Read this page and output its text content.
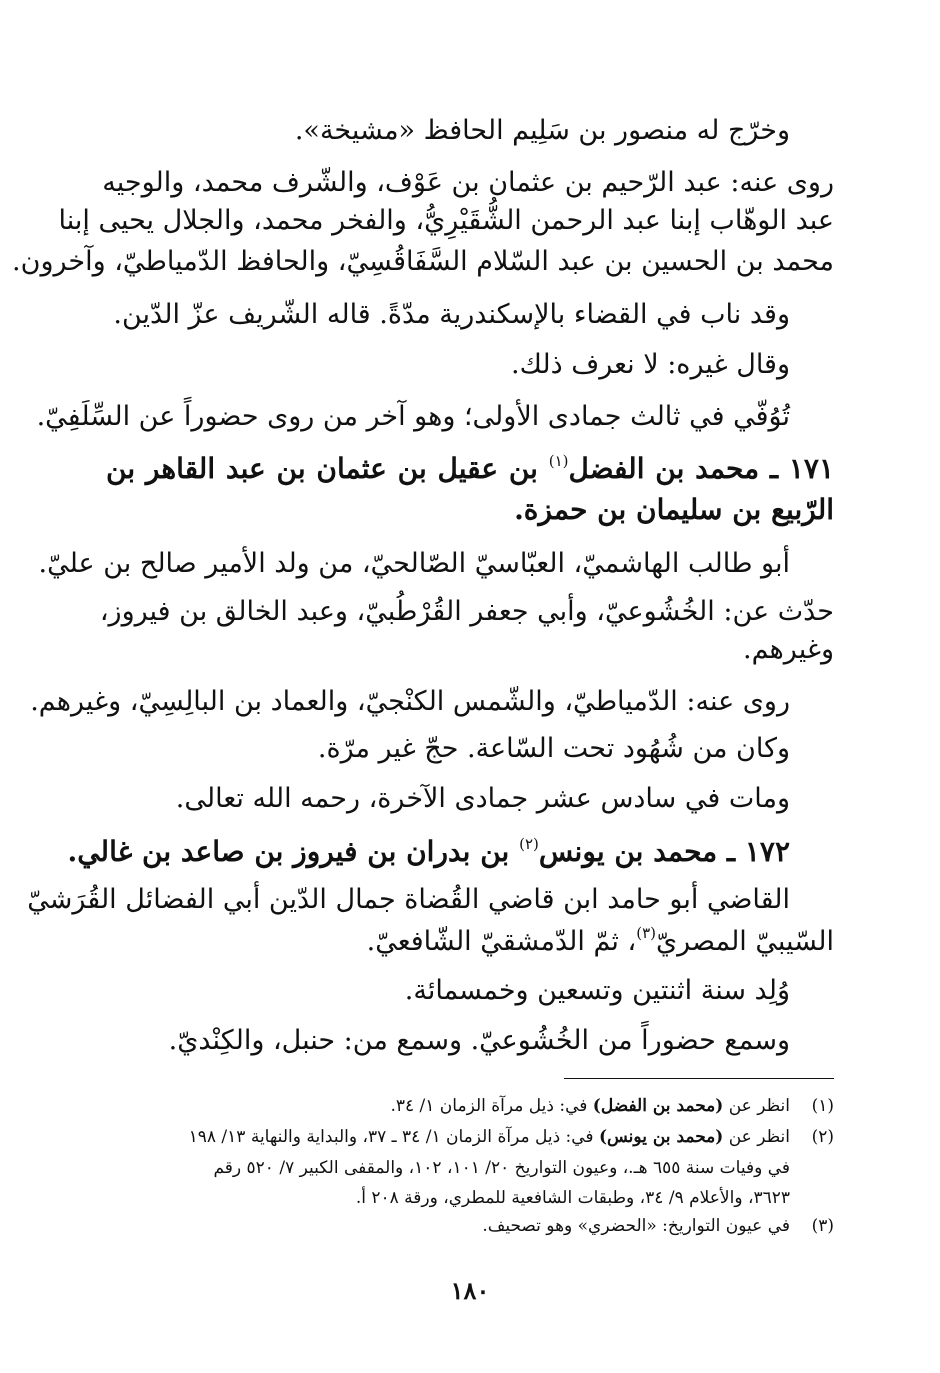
وخرّج له منصور بن سَلِيم الحافظ «مشيخة».
روى عنه: عبد الرّحيم بن عثمان بن عَوْف، والشّرف محمد، والوجيه
عبد الوهّاب إبنا عبد الرحمن الشُّقَيْرِيُّ، والفخر محمد، والجلال يحيى إبنا
محمد بن الحسين بن عبد السّلام السَّفَاقُسِيّ، والحافظ الدّمياطيّ، وآخرون.
وقد ناب في القضاء بالإسكندرية مدّةً. قاله الشّريف عزّ الدّين.
وقال غيره: لا نعرف ذلك.
تُوُفّي في ثالث جمادى الأولى؛ وهو آخر من روى حضوراً عن السِّلَفِيّ.
١٧١ ـ محمد بن الفضل$^{(١)}$ بن عقيل بن عثمان بن عبد القاهر بن
الرّبيع بن سليمان بن حمزة.
أبو طالب الهاشميّ، العبّاسيّ الصّالحيّ، من ولد الأمير صالح بن عليّ.
حدّث عن: الخُشُوعيّ، وأبي جعفر القُرْطُبيّ، وعبد الخالق بن فيروز،
وغيرهم.
روى عنه: الدّمياطيّ، والشّمس الكنْجيّ، والعماد بن البالِسِيّ، وغيرهم.
وكان من شُهُود تحت السّاعة. حجّ غير مرّة.
ومات في سادس عشر جمادى الآخرة، رحمه الله تعالى.
١٧٢ ـ محمد بن يونس$^{(٢)}$ بن بدران بن فيروز بن صاعد بن غالي.
القاضي أبو حامد ابن قاضي القُضاة جمال الدّين أبي الفضائل القُرَشيّ
السّيبيّ المصريّ$^{(٣)}$، ثمّ الدّمشقيّ الشّافعيّ.
وُلِد سنة اثنتين وتسعين وخمسمائة.
وسمع حضوراً من الخُشُوعيّ. وسمع من: حنبل، والكِنْديّ.
(١)
انظر عن (محمد بن الفضل) في: ذيل مرآة الزمان ١/ ٣٤.
(٢)
انظر عن (محمد بن يونس) في: ذيل مرآة الزمان ١/ ٣٤ ـ ٣٧، والبداية والنهاية ١٣/ ١٩٨
في وفيات سنة ٦٥٥ هـ.، وعيون التواريخ ٢٠/ ١٠١، ١٠٢، والمقفى الكبير ٧/ ٥٢٠ رقم
٣٦٢٣، والأعلام ٩/ ٣٤، وطبقات الشافعية للمطري، ورقة ٢٠٨ أ.
(٣)
في عيون التواريخ: «الحضري» وهو تصحيف.
١٨٠
